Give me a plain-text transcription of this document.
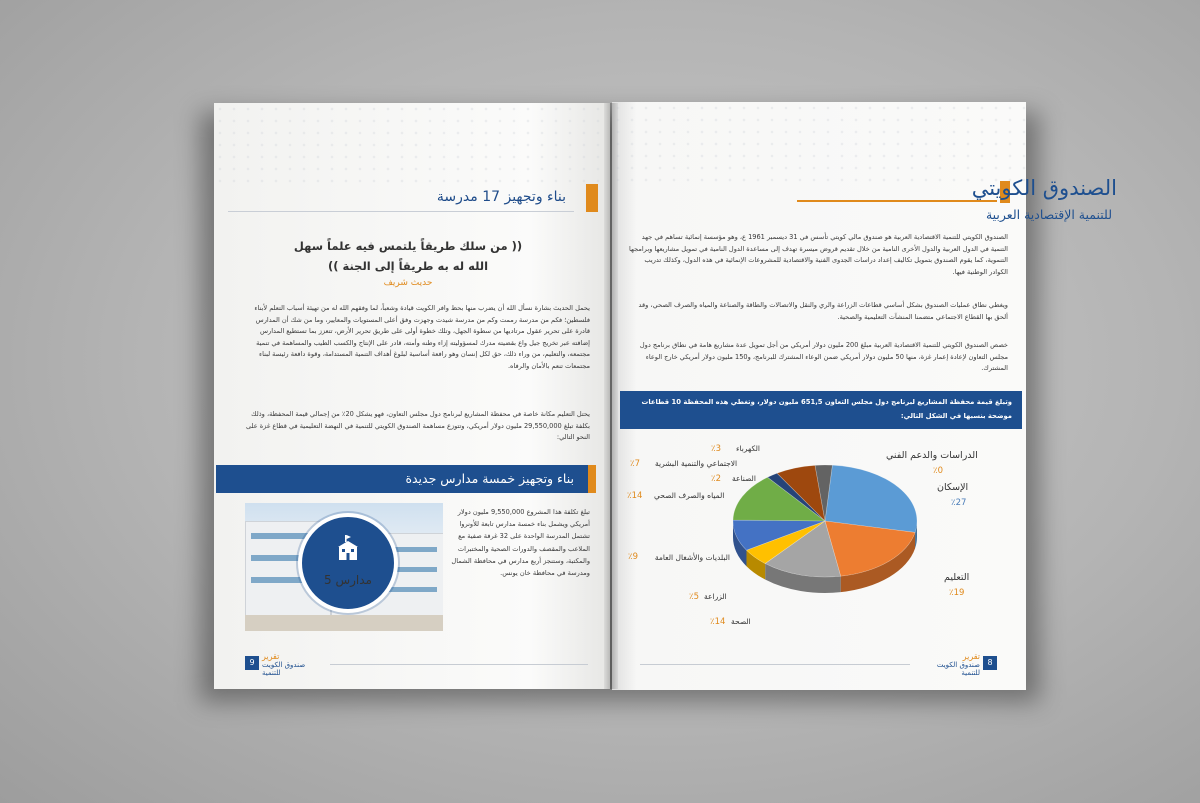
بناء وتجهيز 17 مدرسة
(( من سلك طريقاً يلتمس فيه علماً سهل
الله له به طريقاً إلى الجنة ))
حديث شريف
يحمل الحديث بشارة نسأل الله أن يضرب منها بحظ وافر الكويت قيادة وشعباً، لما وفقهم الله له من تهيئة أسباب التعلم لأبناء فلسطين؛ فكم من مدرسة رممت وكم من مدرسة شيدت وجهزت وفق أعلى المستويات والمعايير، وما من شك أن المدارس قادرة على تحرير عقول مرتاديها من سطوة الجهل، وتلك خطوة أولى على طريق تحرير الأرض، تتعزز بما تستطيع المدارس إضافته عبر تخريج جيل واع بقضيته مدرك لمسؤوليته إزاء وطنه وأمته، قادر على الإنتاج والكسب الطيب والمساهمة في تنمية مجتمعه، والتعليم، من وراء ذلك، حق لكل إنسان وهو رافعة أساسية لبلوغ أهداف التنمية المستدامة، وقوة دافعة رئيسة لبناء مجتمعات تنعم بالأمان والرفاه.
يحتل التعليم مكانة خاصة في محفظة المشاريع لبرنامج دول مجلس التعاون، فهو يشكل 20٪ من إجمالي قيمة المحفظة، وذلك بكلفة تبلغ 29,550,000 مليون دولار أمريكي، وتتوزع مساهمة الصندوق الكويتي للتنمية في النهضة التعليمية في قطاع غزة على النحو التالي:
بناء وتجهيز خمسة مدارس جديدة
5 مدارس
تبلغ تكلفة هذا المشروع 9,550,000 مليون دولار أمريكي ويشمل بناء خمسة مدارس تابعة للأونروا تشتمل المدرسة الواحدة على 32 غرفة صفية مع الملاعب والمقصف والدورات الصحية والمختبرات والمكتبة، وستنجز أربع مدارس في محافظة الشمال ومدرسة في محافظة خان يونس.
9
تقرير
صندوق الكويت للتنمية
الصندوق الكويتي
للتنمية الإقتصادية العربية
الصندوق الكويتي للتنمية الاقتصادية العربية هو صندوق مالي كويتي تأسس في 31 ديسمبر 1961 ع، وهو مؤسسة إنمائية تساهم في جهد التنمية في الدول العربية والدول الأخرى النامية من خلال تقديم قروض ميسرة تهدف إلى مساعدة الدول النامية في تمويل مشاريعها وبرامجها التنموية، كما يقوم الصندوق بتمويل تكاليف إعداد دراسات الجدوى الفنية والاقتصادية للمشروعات الإنمائية في هذه الدول، وكذلك تدريب الكوادر الوطنية فيها.
ويغطي نطاق عمليات الصندوق بشكل أساسي قطاعات الزراعة والري والنقل والاتصالات والطاقة والصناعة والمياه والصرف الصحي، وقد ألحق بها القطاع الاجتماعي متضمنا المنشآت التعليمية والصحية.
خصص الصندوق الكويتي للتنمية الاقتصادية العربية مبلغ 200 مليون دولار أمريكي من أجل تمويل عدة مشاريع هامة في نطاق برنامج دول مجلس التعاون لإعادة إعمار غزة، منها 50 مليون دولار أمريكي ضمن الوعاء المشترك للبرنامج، و150 مليون دولار أمريكي خارج الوعاء المشترك.
وتبلغ قيمة محفظة المشاريع لبرنامج دول مجلس التعاون 651,5 مليون دولار، وتغطي هذه المحفظة 10 قطاعات موضحة بنسبها في الشكل التالي:
الدراسات والدعم الفني
٪0
الإسكان
٪27
التعليم
٪19
الكهرباء
٪3
الاجتماعي والتنمية البشرية
٪7
الصناعة
٪2
المياه والصرف الصحي
٪14
البلديات والأشغال العامة
٪9
الزراعة
٪5
الصحة
٪14
8
تقرير
صندوق الكويت للتنمية
